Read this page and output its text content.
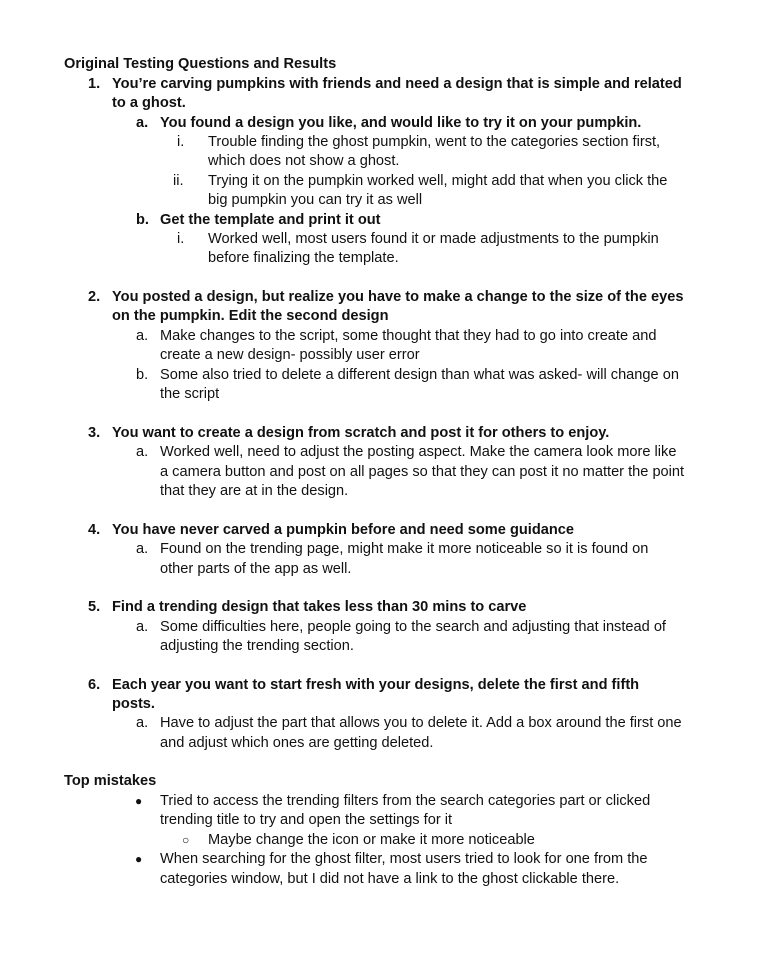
Original Testing Questions and Results
1. You’re carving pumpkins with friends and need a design that is simple and related
to a ghost.
a. You found a design you like, and would like to try it on your pumpkin.
i. Trouble finding the ghost pumpkin, went to the categories section first,
which does not show a ghost.
ii. Trying it on the pumpkin worked well, might add that when you click the
big pumpkin you can try it as well
b. Get the template and print it out
i. Worked well, most users found it or made adjustments to the pumpkin
before finalizing the template.
2. You posted a design, but realize you have to make a change to the size of the eyes
on the pumpkin. Edit the second design
a. Make changes to the script, some thought that they had to go into create and
create a new design- possibly user error
b. Some also tried to delete a different design than what was asked- will change on
the script
3. You want to create a design from scratch and post it for others to enjoy.
a. Worked well, need to adjust the posting aspect. Make the camera look more like
a camera button and post on all pages so that they can post it no matter the point
that they are at in the design.
4. You have never carved a pumpkin before and need some guidance
a. Found on the trending page, might make it more noticeable so it is found on
other parts of the app as well.
5. Find a trending design that takes less than 30 mins to carve
a. Some difficulties here, people going to the search and adjusting that instead of
adjusting the trending section.
6. Each year you want to start fresh with your designs, delete the first and fifth
posts.
a. Have to adjust the part that allows you to delete it. Add a box around the first one
and adjust which ones are getting deleted.
Top mistakes
● Tried to access the trending filters from the search categories part or clicked
trending title to try and open the settings for it
○ Maybe change the icon or make it more noticeable
● When searching for the ghost filter, most users tried to look for one from the
categories window, but I did not have a link to the ghost clickable there.
